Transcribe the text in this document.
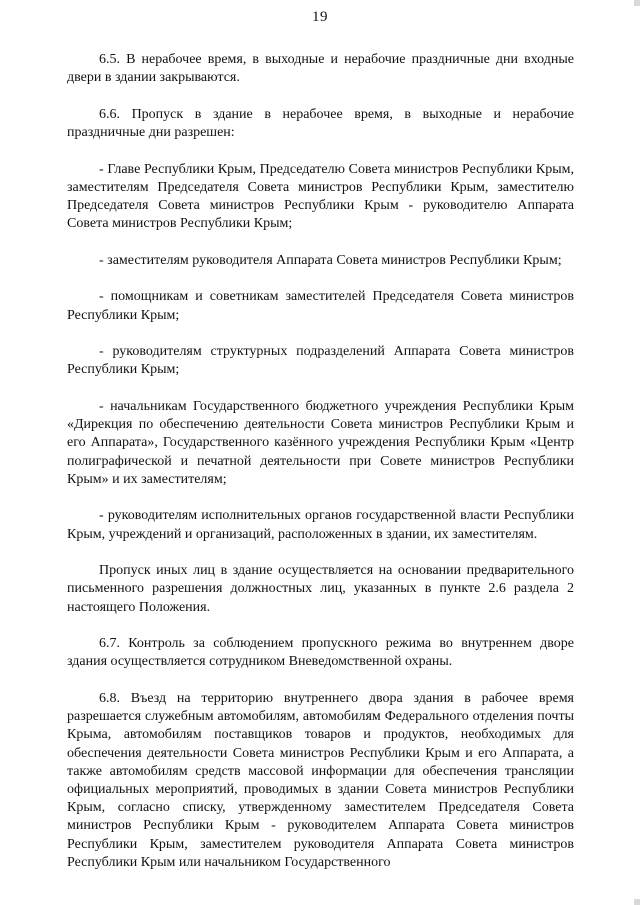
19

6.5. В нерабочее время, в выходные и нерабочие праздничные дни входные двери в здании закрываются.

6.6. Пропуск в здание в нерабочее время, в выходные и нерабочие праздничные дни разрешен:

- Главе Республики Крым, Председателю Совета министров Республики Крым, заместителям Председателя Совета министров Республики Крым, заместителю Председателя Совета министров Республики Крым - руководителю Аппарата Совета министров Республики Крым;

- заместителям руководителя Аппарата Совета министров Республики Крым;

- помощникам и советникам заместителей Председателя Совета министров Республики Крым;

- руководителям структурных подразделений Аппарата Совета министров Республики Крым;

- начальникам Государственного бюджетного учреждения Республики Крым «Дирекция по обеспечению деятельности Совета министров Республики Крым и его Аппарата», Государственного казённого учреждения Республики Крым «Центр полиграфической и печатной деятельности при Совете министров Республики Крым» и их заместителям;

- руководителям исполнительных органов государственной власти Республики Крым, учреждений и организаций, расположенных в здании, их заместителям.

Пропуск иных лиц в здание осуществляется на основании предварительного письменного разрешения должностных лиц, указанных в пункте 2.6 раздела 2 настоящего Положения.

6.7. Контроль за соблюдением пропускного режима во внутреннем дворе здания осуществляется сотрудником Вневедомственной охраны.

6.8. Въезд на территорию внутреннего двора здания в рабочее время разрешается служебным автомобилям, автомобилям Федерального отделения почты Крыма, автомобилям поставщиков товаров и продуктов, необходимых для обеспечения деятельности Совета министров Республики Крым и его Аппарата, а также автомобилям средств массовой информации для обеспечения трансляции официальных мероприятий, проводимых в здании Совета министров Республики Крым, согласно списку, утвержденному заместителем Председателя Совета министров Республики Крым - руководителем Аппарата Совета министров Республики Крым, заместителем руководителя Аппарата Совета министров Республики Крым или начальником Государственного
